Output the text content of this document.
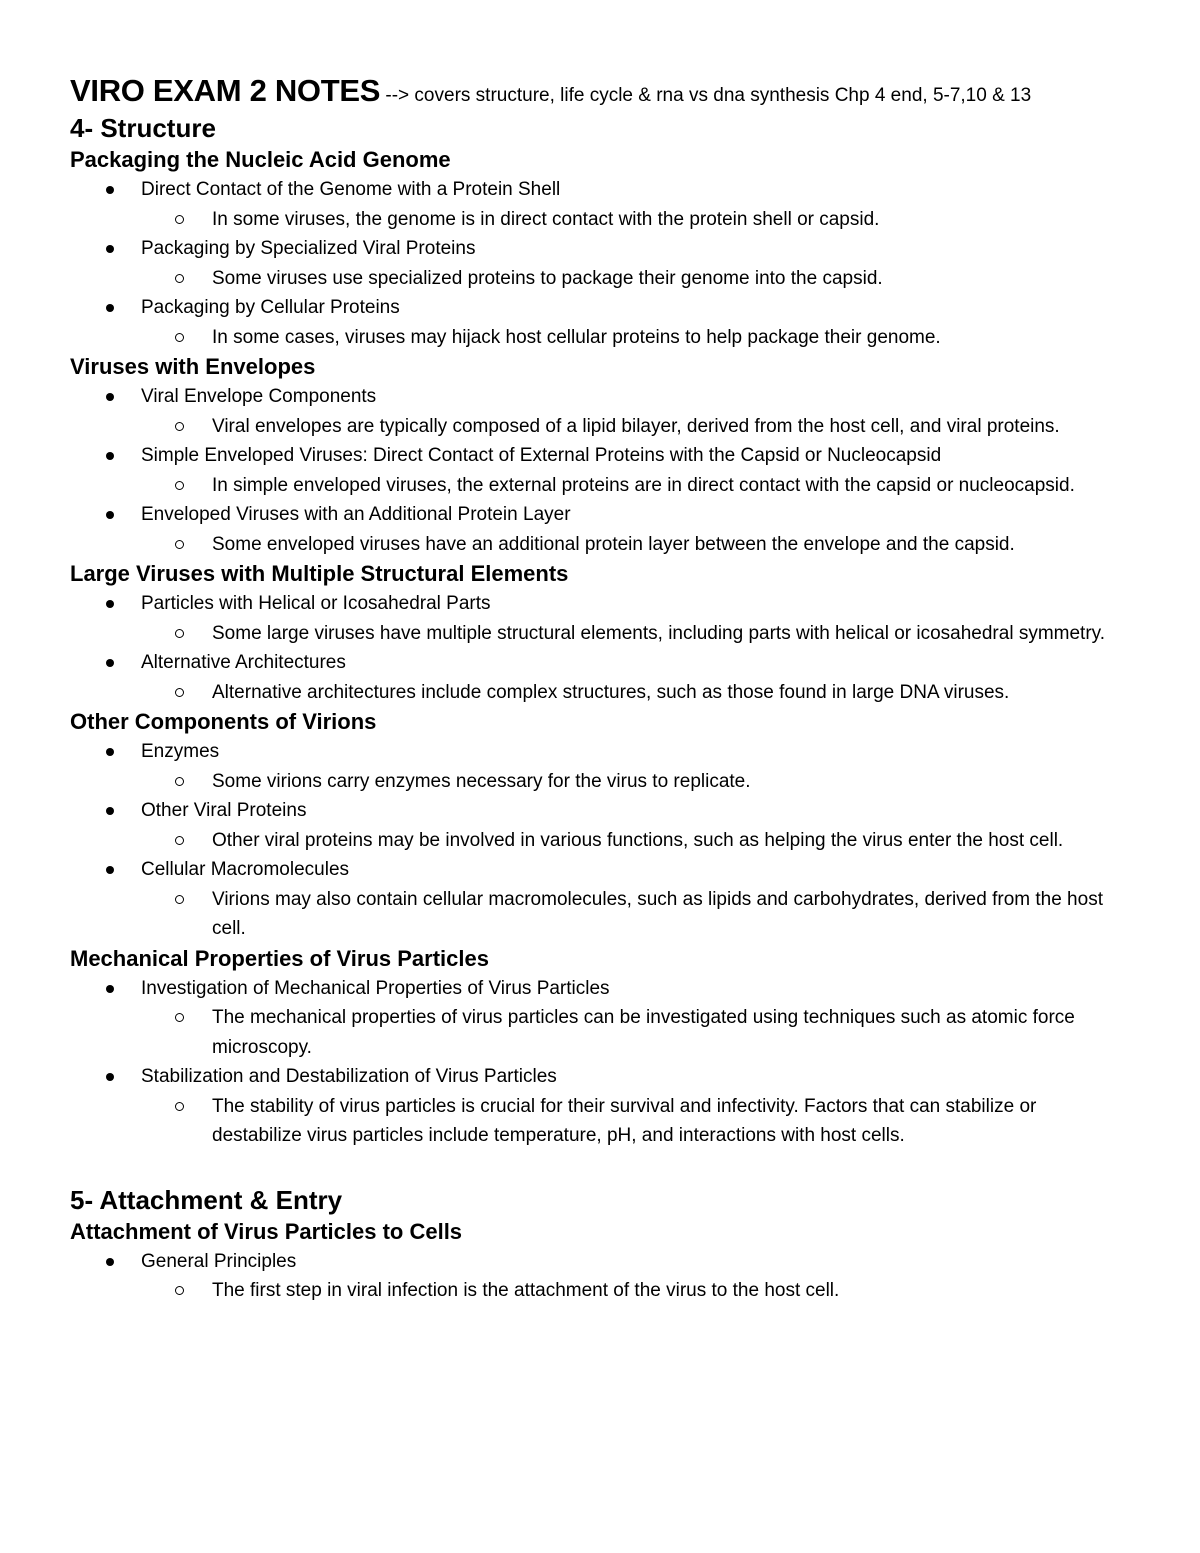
VIRO EXAM 2 NOTES --> covers structure, life cycle & rna vs dna synthesis Chp 4 end, 5-7,10 & 13

4- Structure
Packaging the Nucleic Acid Genome
Direct Contact of the Genome with a Protein Shell
In some viruses, the genome is in direct contact with the protein shell or capsid.
Packaging by Specialized Viral Proteins
Some viruses use specialized proteins to package their genome into the capsid.
Packaging by Cellular Proteins
In some cases, viruses may hijack host cellular proteins to help package their genome.
Viruses with Envelopes
Viral Envelope Components
Viral envelopes are typically composed of a lipid bilayer, derived from the host cell, and viral proteins.
Simple Enveloped Viruses: Direct Contact of External Proteins with the Capsid or Nucleocapsid
In simple enveloped viruses, the external proteins are in direct contact with the capsid or nucleocapsid.
Enveloped Viruses with an Additional Protein Layer
Some enveloped viruses have an additional protein layer between the envelope and the capsid.
Large Viruses with Multiple Structural Elements
Particles with Helical or Icosahedral Parts
Some large viruses have multiple structural elements, including parts with helical or icosahedral symmetry.
Alternative Architectures
Alternative architectures include complex structures, such as those found in large DNA viruses.
Other Components of Virions
Enzymes
Some virions carry enzymes necessary for the virus to replicate.
Other Viral Proteins
Other viral proteins may be involved in various functions, such as helping the virus enter the host cell.
Cellular Macromolecules
Virions may also contain cellular macromolecules, such as lipids and carbohydrates, derived from the host cell.
Mechanical Properties of Virus Particles
Investigation of Mechanical Properties of Virus Particles
The mechanical properties of virus particles can be investigated using techniques such as atomic force microscopy.
Stabilization and Destabilization of Virus Particles
The stability of virus particles is crucial for their survival and infectivity. Factors that can stabilize or destabilize virus particles include temperature, pH, and interactions with host cells.
5- Attachment & Entry
Attachment of Virus Particles to Cells
General Principles
The first step in viral infection is the attachment of the virus to the host cell.
